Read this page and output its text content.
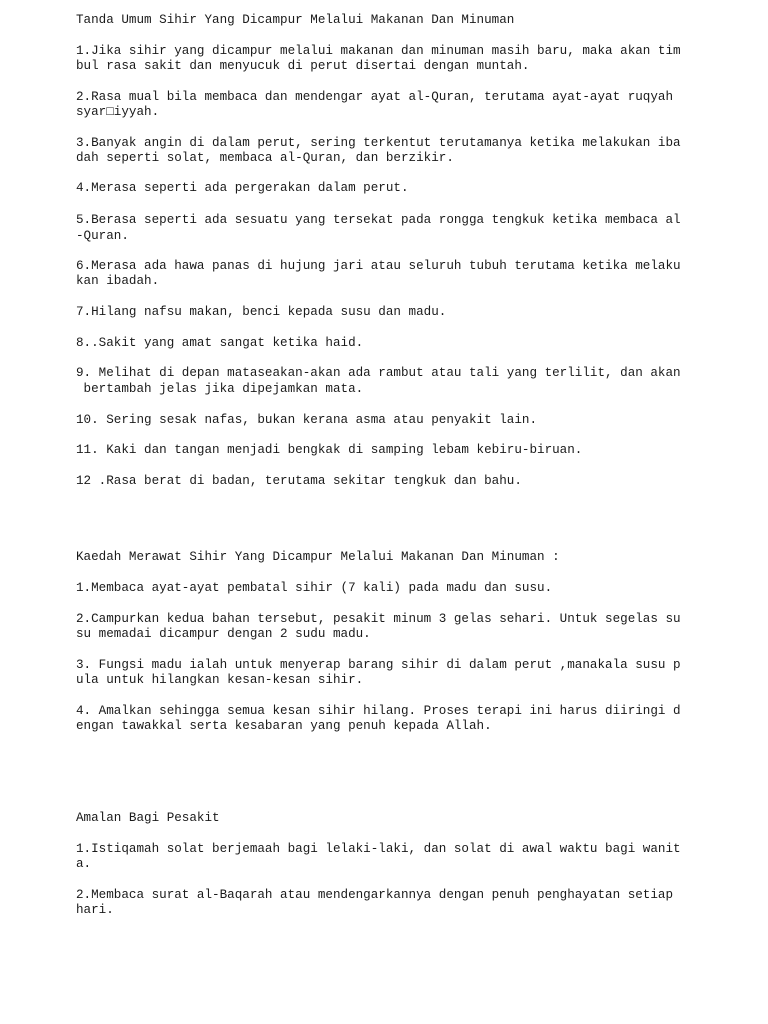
Tanda Umum Sihir Yang Dicampur Melalui Makanan Dan Minuman

1.Jika sihir yang dicampur melalui makanan dan minuman masih baru, maka akan tim

bul rasa sakit dan menyucuk di perut disertai dengan muntah.

2.Rasa mual bila membaca dan mendengar ayat al-Quran, terutama ayat-ayat ruqyah

syar□iyyah.

3.Banyak angin di dalam perut, sering terkentut terutamanya ketika melakukan iba

dah seperti solat, membaca al-Quran, dan berzikir.

4.Merasa seperti ada pergerakan dalam perut.

5.Berasa seperti ada sesuatu yang tersekat pada rongga tengkuk ketika membaca al

-Quran.

6.Merasa ada hawa panas di hujung jari atau seluruh tubuh terutama ketika melaku

kan ibadah.

7.Hilang nafsu makan, benci kepada susu dan madu.

8..Sakit yang amat sangat ketika haid.

9. Melihat di depan mataseakan-akan ada rambut atau tali yang terlilit, dan akan

bertambah jelas jika dipejamkan mata.

10. Sering sesak nafas, bukan kerana asma atau penyakit lain.

11. Kaki dan tangan menjadi bengkak di samping lebam kebiru-biruan.

12 .Rasa berat di badan, terutama sekitar tengkuk dan bahu.

Kaedah Merawat Sihir Yang Dicampur Melalui Makanan Dan Minuman :

1.Membaca ayat-ayat pembatal sihir (7 kali) pada madu dan susu.

2.Campurkan kedua bahan tersebut, pesakit minum 3 gelas sehari. Untuk segelas su

su memadai dicampur dengan 2 sudu madu.

3. Fungsi madu ialah untuk menyerap barang sihir di dalam perut ,manakala susu p

ula untuk hilangkan kesan-kesan sihir.

4. Amalkan sehingga semua kesan sihir hilang. Proses terapi ini harus diiringi d

engan tawakkal serta kesabaran yang penuh kepada Allah.

Amalan Bagi Pesakit

1.Istiqamah solat berjemaah bagi lelaki-laki, dan solat di awal waktu bagi wanit

a.

2.Membaca surat al-Baqarah atau mendengarkannya dengan penuh penghayatan setiap

hari.
